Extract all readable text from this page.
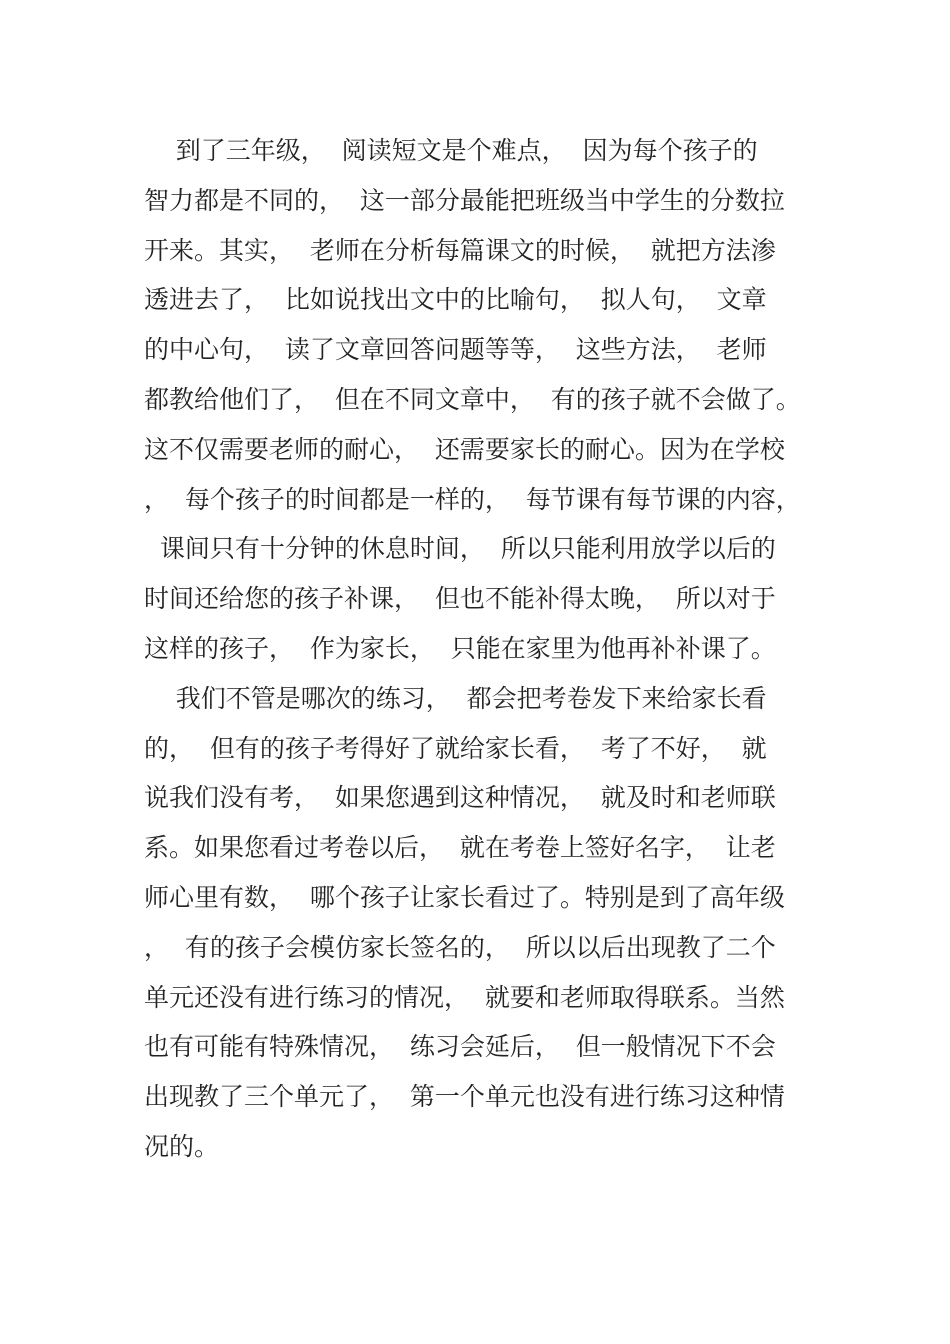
到了三年级，  阅读短文是个难点，  因为每个孩子的
智力都是不同的，  这一部分最能把班级当中学生的分数拉
开来。其实，  老师在分析每篇课文的时候，  就把方法渗
透进去了，  比如说找出文中的比喻句，  拟人句，  文章
的中心句，  读了文章回答问题等等，  这些方法，  老师
都教给他们了，  但在不同文章中，  有的孩子就不会做了。
这不仅需要老师的耐心，  还需要家长的耐心。因为在学校
，  每个孩子的时间都是一样的，  每节课有每节课的内容，
课间只有十分钟的休息时间，  所以只能利用放学以后的
时间还给您的孩子补课，  但也不能补得太晚，  所以对于
这样的孩子，  作为家长，  只能在家里为他再补补课了。
我们不管是哪次的练习，  都会把考卷发下来给家长看
的，  但有的孩子考得好了就给家长看，  考了不好，  就
说我们没有考，  如果您遇到这种情况，  就及时和老师联
系。如果您看过考卷以后，  就在考卷上签好名字，  让老
师心里有数，  哪个孩子让家长看过了。特别是到了高年级
，  有的孩子会模仿家长签名的，  所以以后出现教了二个
单元还没有进行练习的情况，  就要和老师取得联系。当然
也有可能有特殊情况，  练习会延后，  但一般情况下不会
出现教了三个单元了，  第一个单元也没有进行练习这种情
况的。
